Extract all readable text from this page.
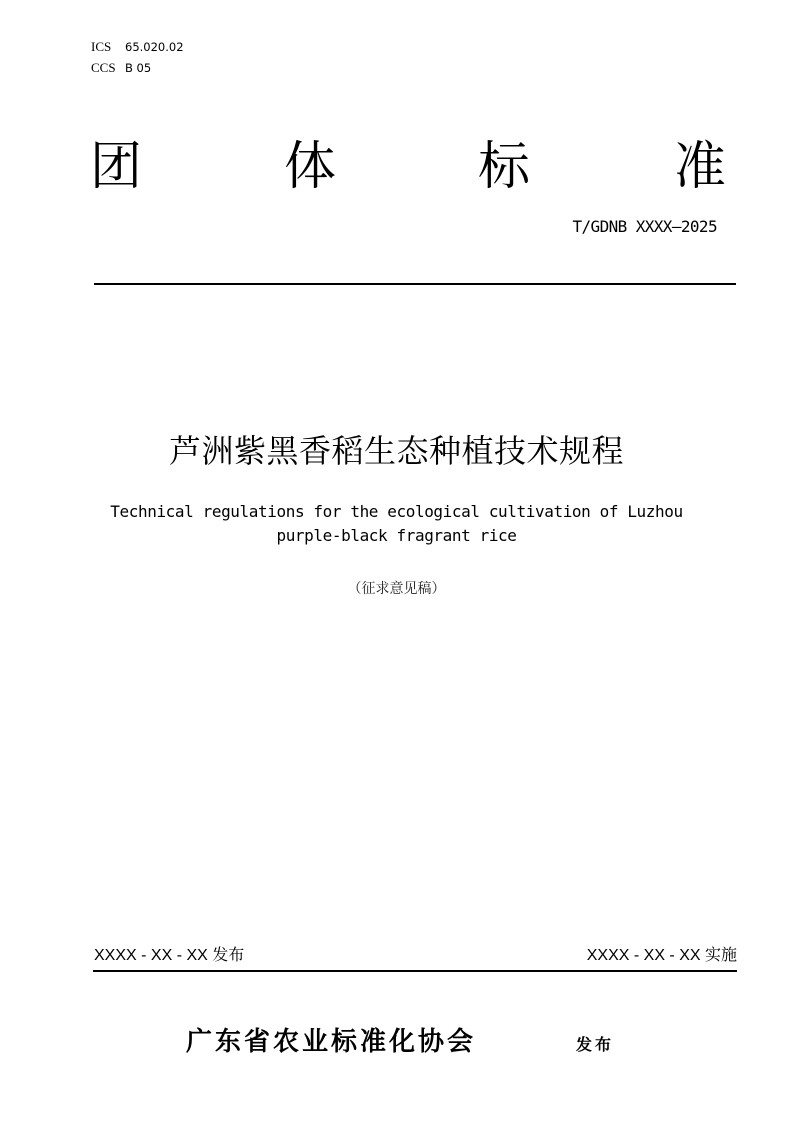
ICS 65.020.02
CCS B 05
团	体	标	准
T/GDNB XXXX—2025
芦洲紫黑香稻生态种植技术规程
Technical regulations for the ecological cultivation of Luzhou
purple-black fragrant rice
（征求意见稿）
XXXX - XX - XX 发布	XXXX - XX - XX 实施
广东省农业标准化协会	发布
